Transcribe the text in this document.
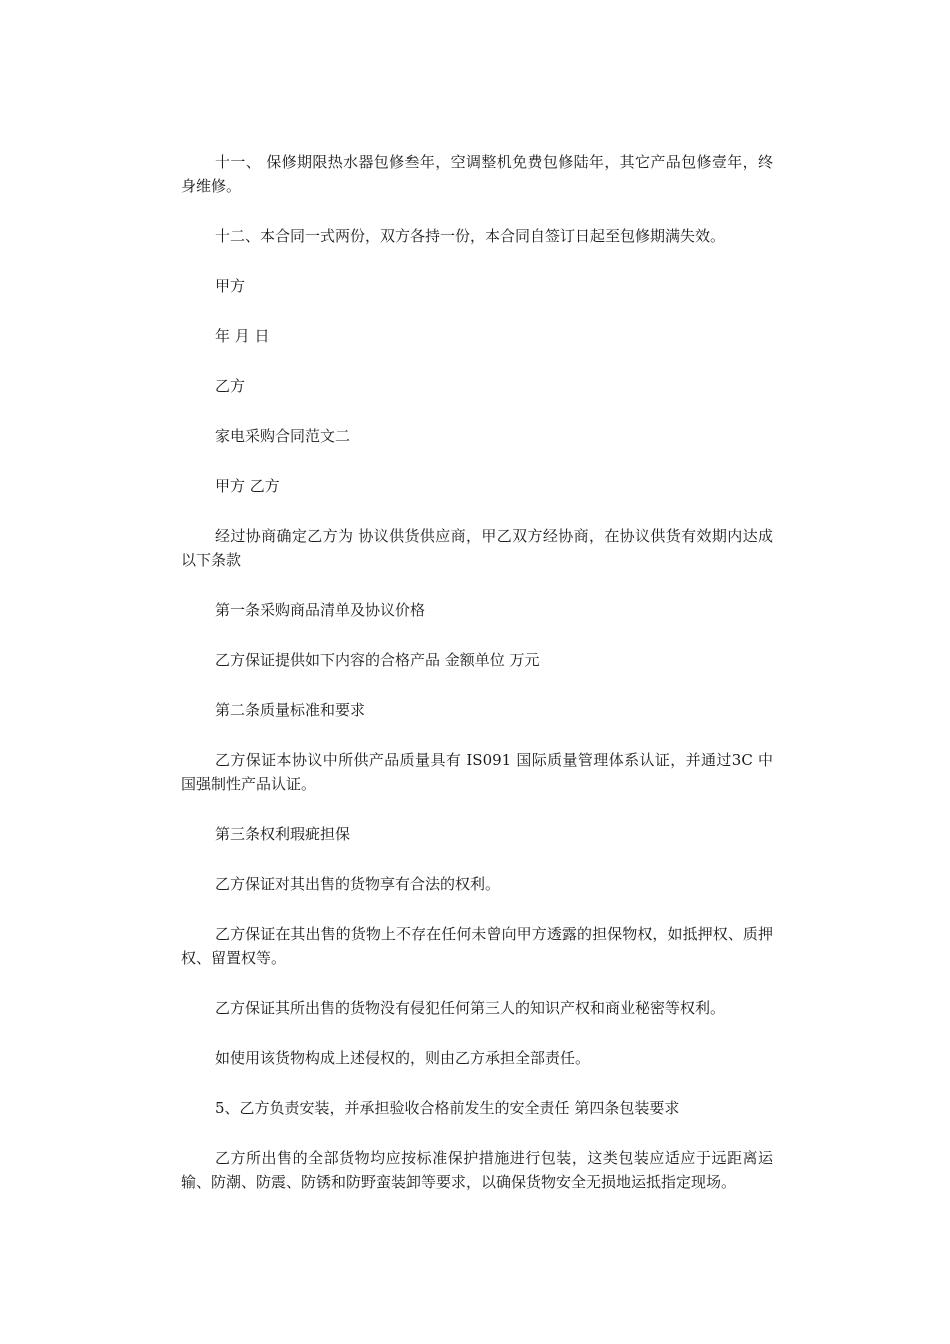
十一、 保修期限热水器包修叁年，空调整机免费包修陆年，其它产品包修壹年，终身维修。

十二、本合同一式两份，双方各持一份，本合同自签订日起至包修期满失效。

甲方

年 月 日

乙方

家电采购合同范文二

甲方 乙方

经过协商确定乙方为 协议供货供应商，甲乙双方经协商，在协议供货有效期内达成以下条款

第一条采购商品清单及协议价格

乙方保证提供如下内容的合格产品 金额单位 万元

第二条质量标准和要求

乙方保证本协议中所供产品质量具有 IS091 国际质量管理体系认证，并通过3C 中国强制性产品认证。

第三条权利瑕疵担保

乙方保证对其出售的货物享有合法的权利。

乙方保证在其出售的货物上不存在任何未曾向甲方透露的担保物权，如抵押权、质押权、留置权等。

乙方保证其所出售的货物没有侵犯任何第三人的知识产权和商业秘密等权利。

如使用该货物构成上述侵权的，则由乙方承担全部责任。

5、乙方负责安装，并承担验收合格前发生的安全责任 第四条包装要求

乙方所出售的全部货物均应按标准保护措施进行包装，这类包装应适应于远距离运输、防潮、防震、防锈和防野蛮装卸等要求，以确保货物安全无损地运抵指定现场。
